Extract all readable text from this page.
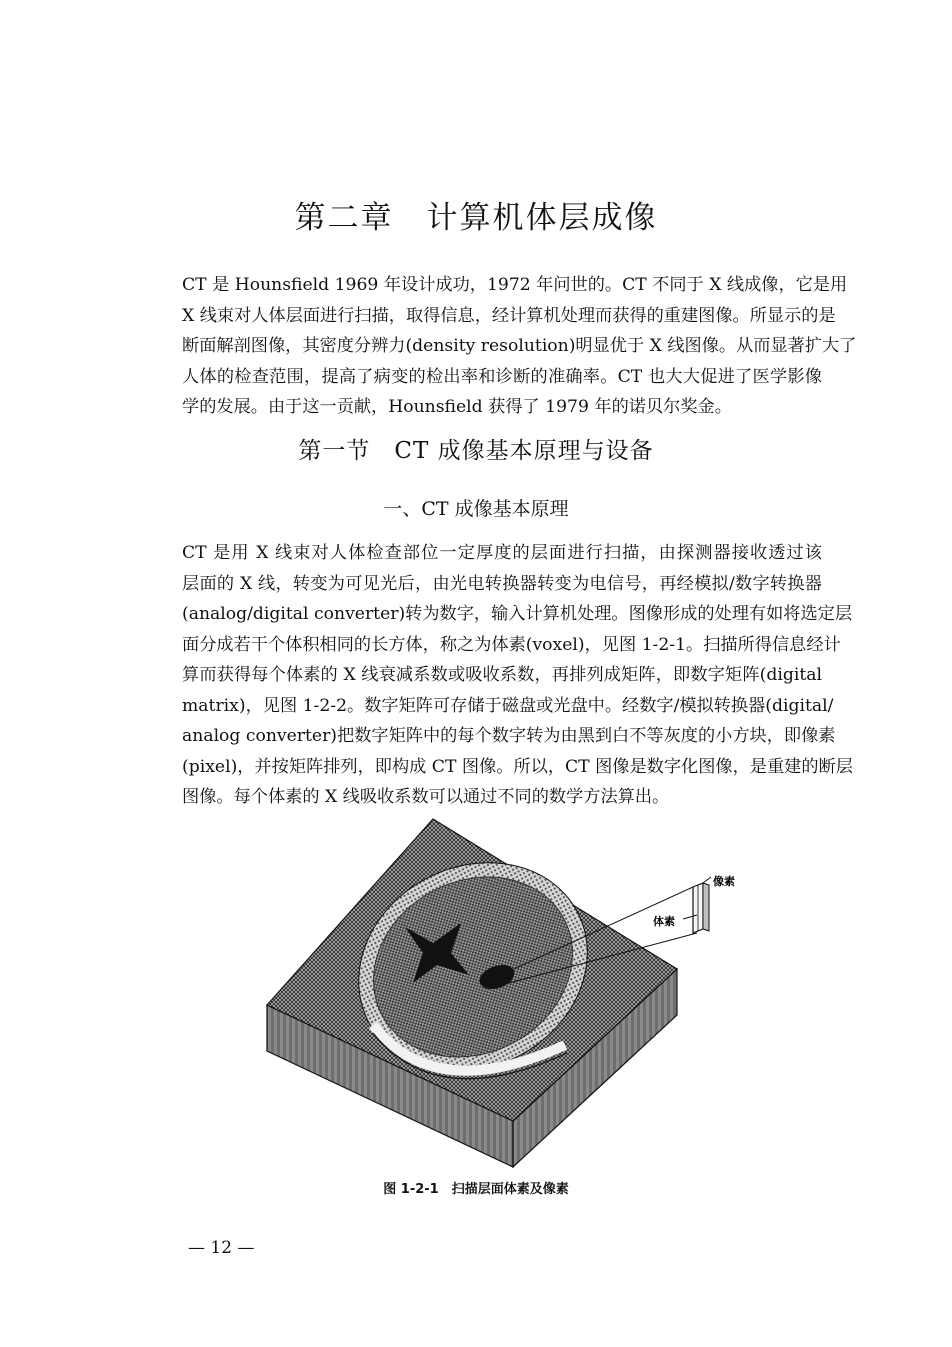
第二章　计算机体层成像
CT 是 Hounsfield 1969 年设计成功，1972 年问世的。CT 不同于 X 线成像，它是用
X 线束对人体层面进行扫描，取得信息，经计算机处理而获得的重建图像。所显示的是
断面解剖图像，其密度分辨力(density resolution)明显优于 X 线图像。从而显著扩大了
人体的检查范围，提高了病变的检出率和诊断的准确率。CT 也大大促进了医学影像
学的发展。由于这一贡献，Hounsfield 获得了 1979 年的诺贝尔奖金。
第一节　CT 成像基本原理与设备
一、CT 成像基本原理
CT 是用 X 线束对人体检查部位一定厚度的层面进行扫描，由探测器接收透过该
层面的 X 线，转变为可见光后，由光电转换器转变为电信号，再经模拟/数字转换器
(analog/digital converter)转为数字，输入计算机处理。图像形成的处理有如将选定层
面分成若干个体积相同的长方体，称之为体素(voxel)，见图 1-2-1。扫描所得信息经计
算而获得每个体素的 X 线衰减系数或吸收系数，再排列成矩阵，即数字矩阵(digital
matrix)，见图 1-2-2。数字矩阵可存储于磁盘或光盘中。经数字/模拟转换器(digital/
analog converter)把数字矩阵中的每个数字转为由黑到白不等灰度的小方块，即像素
(pixel)，并按矩阵排列，即构成 CT 图像。所以，CT 图像是数字化图像，是重建的断层
图像。每个体素的 X 线吸收系数可以通过不同的数学方法算出。
像素
体素
图 1-2-1　扫描层面体素及像素
— 12 —
